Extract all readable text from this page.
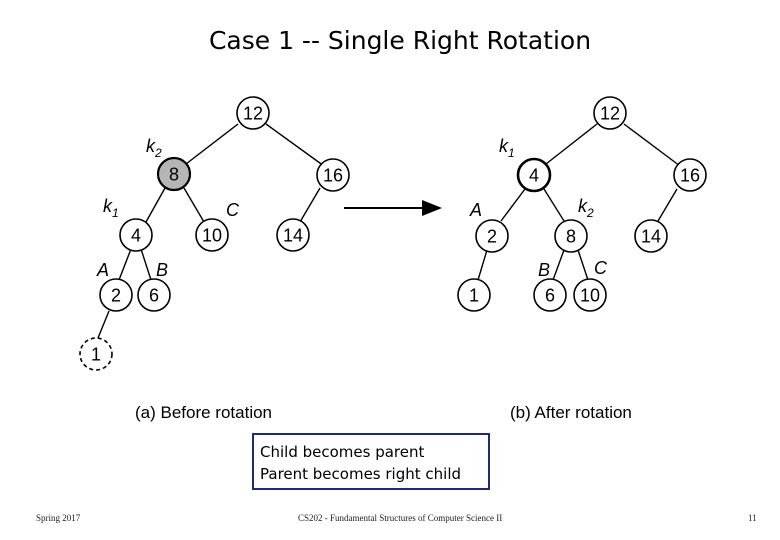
Case 1 -- Single Right Rotation
12
8	16
4	10	14
2 6
1
$k_2$
$k_1$	C
A	B
12
4	16
2	8	14
1	6 10
$k_1$
$k_2$
A
B C
(a) Before rotation	(b) After rotation
Child becomes parent
Parent becomes right child
Spring 2017	CS202 - Fundamental Structures of Computer Science II	11
